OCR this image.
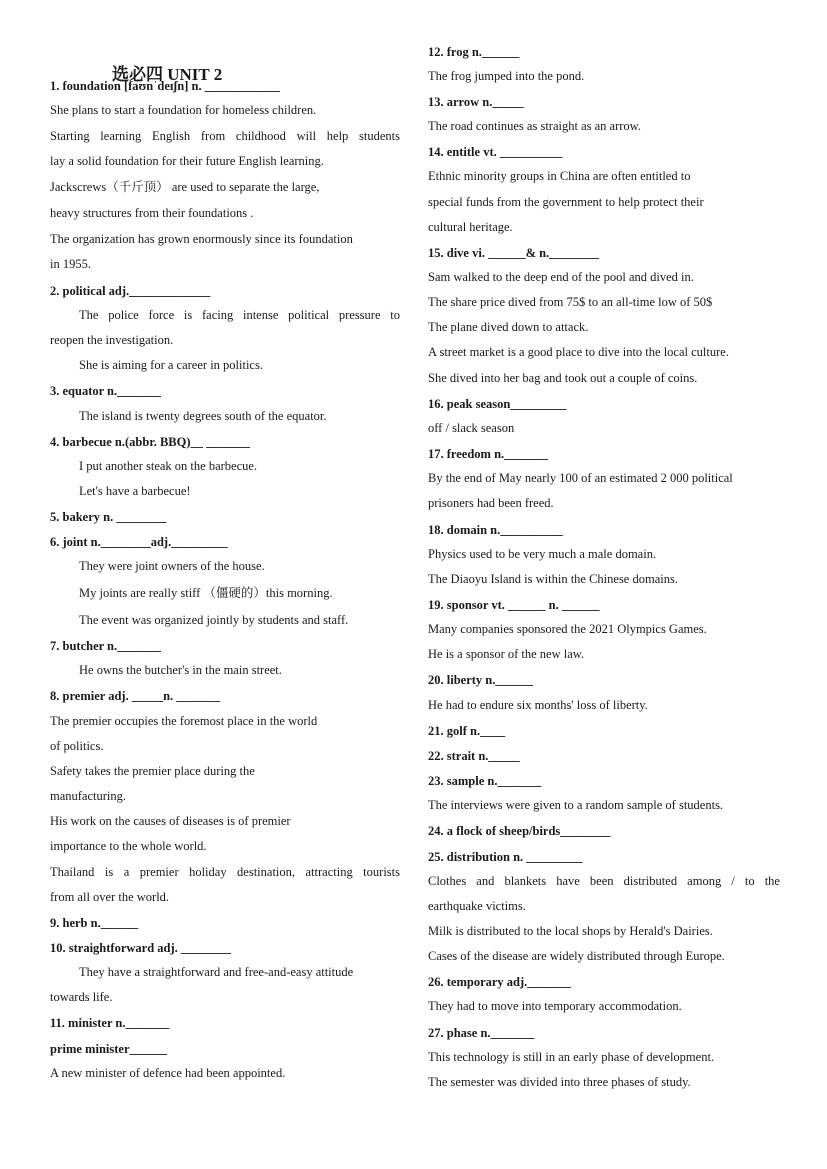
选必四 UNIT 2
1. foundation [faʊnˈdeɪʃn] n. ____________
She plans to start a foundation for homeless children.
Starting learning English from childhood will help students
lay a solid foundation for their future English learning.
Jackscrews（千斤顶） are used to separate the large,
heavy structures from their foundations .
The organization has grown enormously since its foundation
in 1955.
2. political adj._____________
The police force is facing intense political pressure to
reopen the investigation.
She is aiming for a career in politics.
3. equator n._______
The island is twenty degrees south of the equator.
4. barbecue n.(abbr. BBQ)__ _______
I put another steak on the barbecue.
Let's have a barbecue!
5. bakery n. ________
6. joint n.________adj._________
They were joint owners of the house.
My joints are really stiff （僵硬的）this morning.
The event was organized jointly by students and staff.
7. butcher n._______
He owns the butcher's in the main street.
8. premier adj. _____n. _______
The premier occupies the foremost place in the world
of politics.
Safety takes the premier place during the
manufacturing.
His work on the causes of diseases is of premier
importance to the whole world.
Thailand is a premier holiday destination, attracting tourists
from all over the world.
9. herb n.______
10. straightforward adj. ________
They have a straightforward and free-and-easy attitude
towards life.
11. minister n._______
prime minister______
A new minister of defence had been appointed.
12. frog n.______
The frog jumped into the pond.
13. arrow n._____
The road continues as straight as an arrow.
14. entitle vt. __________
Ethnic minority groups in China are often entitled to
special funds from the government to help protect their
cultural heritage.
15. dive vi. ______& n.________
Sam walked to the deep end of the pool and dived in.
The share price dived from 75$ to an all-time low of 50$
The plane dived down to attack.
A street market is a good place to dive into the local culture.
She dived into her bag and took out a couple of coins.
16. peak season_________
off / slack season
17. freedom n._______
By the end of May nearly 100 of an estimated 2 000 political
prisoners had been freed.
18. domain n.__________
Physics used to be very much a male domain.
The Diaoyu Island is within the Chinese domains.
19. sponsor vt. ______ n. ______
Many companies sponsored the 2021 Olympics Games.
He is a sponsor of the new law.
20. liberty n.______
He had to endure six months' loss of liberty.
21. golf n.____
22. strait n._____
23. sample n._______
The interviews were given to a random sample of students.
24. a flock of sheep/birds________
25. distribution n. _________
Clothes and blankets have been distributed among / to the
earthquake victims.
Milk is distributed to the local shops by Herald's Dairies.
Cases of the disease are widely distributed through Europe.
26. temporary adj._______
They had to move into temporary accommodation.
27. phase n._______
This technology is still in an early phase of development.
The semester was divided into three phases of study.
